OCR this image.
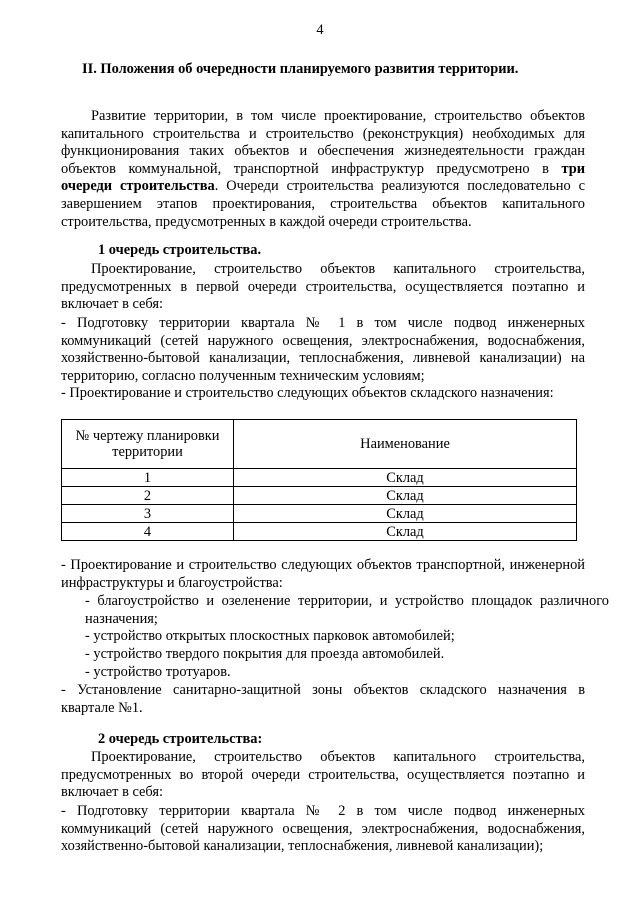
4
II. Положения об очередности планируемого развития территории.
Развитие территории, в том числе проектирование, строительство объектов капитального строительства и строительство (реконструкция) необходимых для функционирования таких объектов и обеспечения жизнедеятельности граждан объектов коммунальной, транспортной инфраструктур предусмотрено в три очереди строительства. Очереди строительства реализуются последовательно с завершением этапов проектирования, строительства объектов капитального строительства, предусмотренных в каждой очереди строительства.
1 очередь строительства.
Проектирование, строительство объектов капитального строительства, предусмотренных в первой очереди строительства, осуществляется поэтапно и включает в себя:
- Подготовку территории квартала № 1 в том числе подвод инженерных коммуникаций (сетей наружного освещения, электроснабжения, водоснабжения, хозяйственно-бытовой канализации, теплоснабжения, ливневой канализации) на территорию, согласно полученным техническим условиям;
- Проектирование и строительство следующих объектов складского назначения:
№ чертежу планировки территории	Наименование
1	Склад
2	Склад
3	Склад
4	Склад
- Проектирование и строительство следующих объектов транспортной, инженерной инфраструктуры и благоустройства:
- благоустройство и озеленение территории, и устройство площадок различного назначения;
- устройство открытых плоскостных парковок автомобилей;
- устройство твердого покрытия для проезда автомобилей.
- устройство тротуаров.
- Установление санитарно-защитной зоны объектов складского назначения в квартале №1.
2 очередь строительства:
Проектирование, строительство объектов капитального строительства, предусмотренных во второй очереди строительства, осуществляется поэтапно и включает в себя:
- Подготовку территории квартала № 2 в том числе подвод инженерных коммуникаций (сетей наружного освещения, электроснабжения, водоснабжения, хозяйственно-бытовой канализации, теплоснабжения, ливневой канализации);
